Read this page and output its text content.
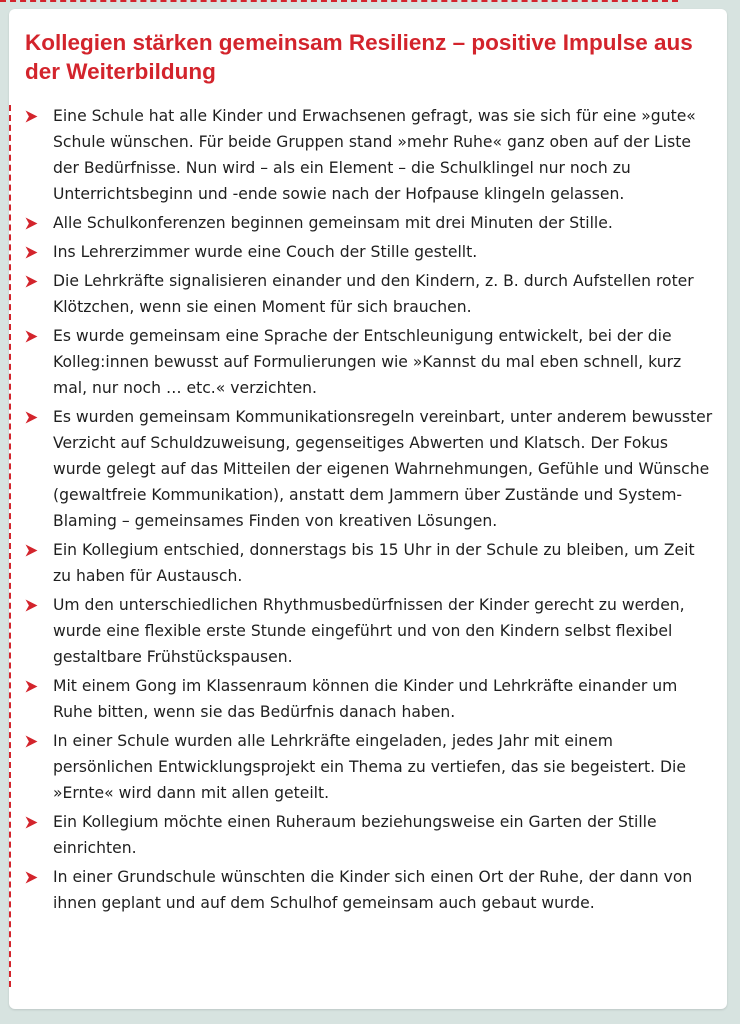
Kollegien stärken gemeinsam Resilienz – positive Impulse aus der Weiterbildung
Eine Schule hat alle Kinder und Erwachsenen gefragt, was sie sich für eine »gute« Schule wünschen. Für beide Gruppen stand »mehr Ruhe« ganz oben auf der Liste der Bedürfnisse. Nun wird – als ein Element – die Schulklingel nur noch zu Unterrichtsbeginn und -ende sowie nach der Hofpause klingeln gelassen.
Alle Schulkonferenzen beginnen gemeinsam mit drei Minuten der Stille.
Ins Lehrerzimmer wurde eine Couch der Stille gestellt.
Die Lehrkräfte signalisieren einander und den Kindern, z. B. durch Aufstellen roter Klötzchen, wenn sie einen Moment für sich brauchen.
Es wurde gemeinsam eine Sprache der Entschleunigung entwickelt, bei der die Kolleg:innen bewusst auf Formulierungen wie »Kannst du mal eben schnell, kurz mal, nur noch … etc.« verzichten.
Es wurden gemeinsam Kommunikationsregeln vereinbart, unter anderem bewusster Verzicht auf Schuldzuweisung, gegenseitiges Abwerten und Klatsch. Der Fokus wurde gelegt auf das Mitteilen der eigenen Wahrnehmungen, Gefühle und Wünsche (gewaltfreie Kommunikation), anstatt dem Jammern über Zustände und System-Blaming – gemeinsames Finden von kreativen Lösungen.
Ein Kollegium entschied, donnerstags bis 15 Uhr in der Schule zu bleiben, um Zeit zu haben für Austausch.
Um den unterschiedlichen Rhythmusbedürfnissen der Kinder gerecht zu werden, wurde eine flexible erste Stunde eingeführt und von den Kindern selbst flexibel gestaltbare Frühstückspausen.
Mit einem Gong im Klassenraum können die Kinder und Lehrkräfte einander um Ruhe bitten, wenn sie das Bedürfnis danach haben.
In einer Schule wurden alle Lehrkräfte eingeladen, jedes Jahr mit einem persönlichen Entwicklungsprojekt ein Thema zu vertiefen, das sie begeistert. Die »Ernte« wird dann mit allen geteilt.
Ein Kollegium möchte einen Ruheraum beziehungsweise ein Garten der Stille einrichten.
In einer Grundschule wünschten die Kinder sich einen Ort der Ruhe, der dann von ihnen geplant und auf dem Schulhof gemeinsam auch gebaut wurde.
